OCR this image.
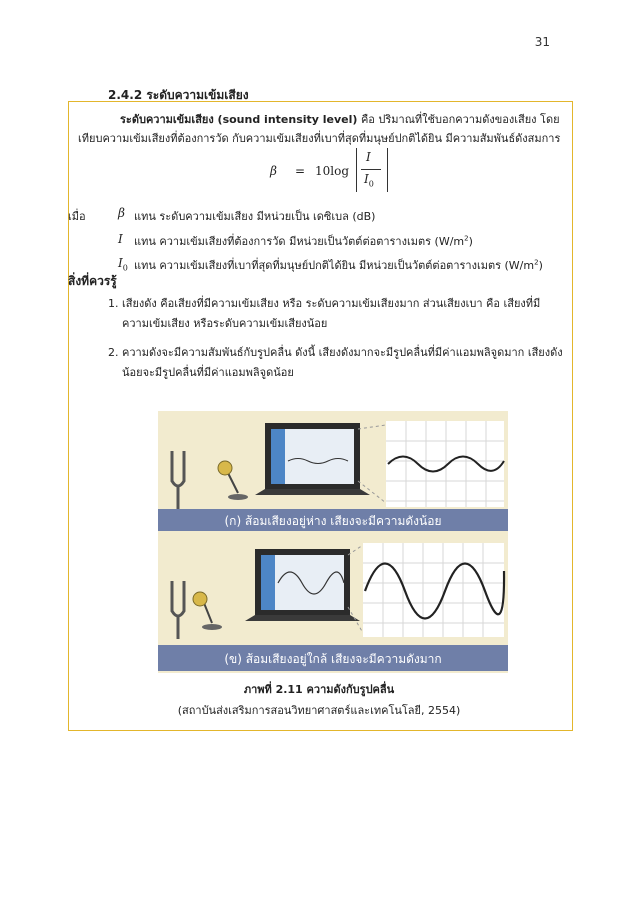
31
2.4.2 ระดับความเข้มเสียง
ระดับความเข้มเสียง (sound intensity level) คือ ปริมาณที่ใช้บอกความดังของเสียง โดยเทียบความเข้มเสียงที่ต้องการวัด กับความเข้มเสียงที่เบาที่สุดที่มนุษย์ปกติได้ยิน มีความสัมพันธ์ดังสมการ
β = 10log
I
$I_0$
เมื่อ	β แทน ระดับความเข้มเสียง มีหน่วยเป็น เดซิเบล (dB)
I แทน ความเข้มเสียงที่ต้องการวัด มีหน่วยเป็นวัตต์ต่อตารางเมตร $(W/m^2)$
$I_0$ แทน ความเข้มเสียงที่เบาที่สุดที่มนุษย์ปกติได้ยิน มีหน่วยเป็นวัตต์ต่อตารางเมตร $(W/m^2)$
สิ่งที่ควรรู้
1. เสียงดัง คือเสียงที่มีความเข้มเสียง หรือ ระดับความเข้มเสียงมาก ส่วนเสียงเบา คือ เสียงที่มีความเข้มเสียง หรือระดับความเข้มเสียงน้อย
2. ความดังจะมีความสัมพันธ์กับรูปคลื่น ดังนี้ เสียงดังมากจะมีรูปคลื่นที่มีค่าแอมพลิจูดมาก เสียงดังน้อยจะมีรูปคลื่นที่มีค่าแอมพลิจูดน้อย
(ก) ส้อมเสียงอยู่ห่าง เสียงจะมีความดังน้อย
(ข) ส้อมเสียงอยู่ใกล้ เสียงจะมีความดังมาก
ภาพที่ 2.11 ความดังกับรูปคลื่น
(สถาบันส่งเสริมการสอนวิทยาศาสตร์และเทคโนโลยี, 2554)
